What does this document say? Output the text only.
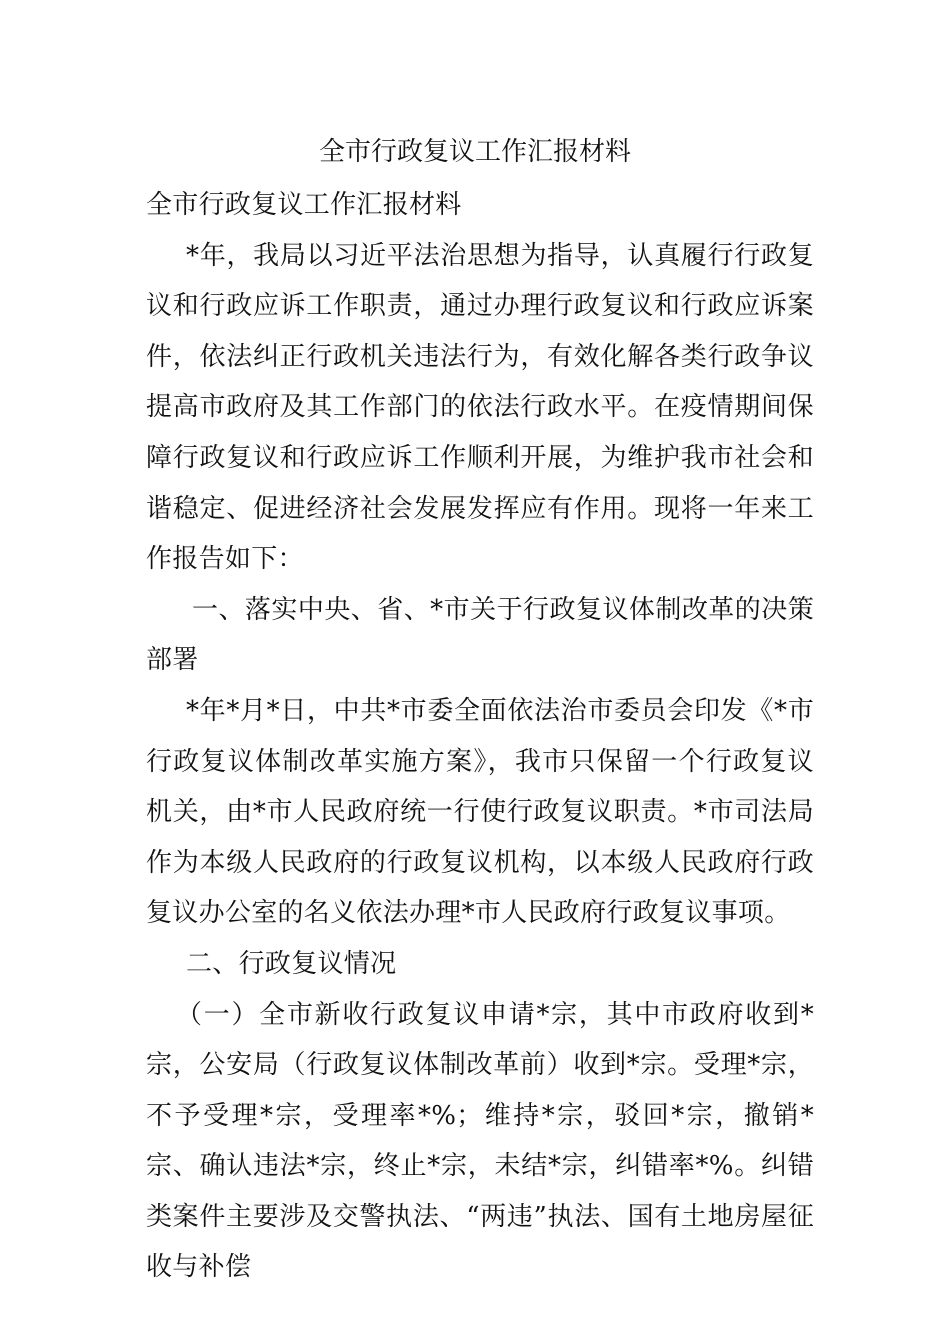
全市行政复议工作汇报材料

全市行政复议工作汇报材料

*年，我局以习近平法治思想为指导，认真履行行政复议和行政应诉工作职责，通过办理行政复议和行政应诉案件，依法纠正行政机关违法行为，有效化解各类行政争议提高市政府及其工作部门的依法行政水平。在疫情期间保障行政复议和行政应诉工作顺利开展，为维护我市社会和谐稳定、促进经济社会发展发挥应有作用。现将一年来工作报告如下：

一、落实中央、省、*市关于行政复议体制改革的决策部署

*年*月*日，中共*市委全面依法治市委员会印发《*市行政复议体制改革实施方案》，我市只保留一个行政复议机关，由*市人民政府统一行使行政复议职责。*市司法局作为本级人民政府的行政复议机构，以本级人民政府行政复议办公室的名义依法办理*市人民政府行政复议事项。

二、行政复议情况

（一）全市新收行政复议申请*宗，其中市政府收到*宗，公安局（行政复议体制改革前）收到*宗。受理*宗，不予受理*宗，受理率*%；维持*宗，驳回*宗，撤销*宗、确认违法*宗，终止*宗，未结*宗，纠错率*%。纠错类案件主要涉及交警执法、“两违”执法、国有土地房屋征收与补偿
